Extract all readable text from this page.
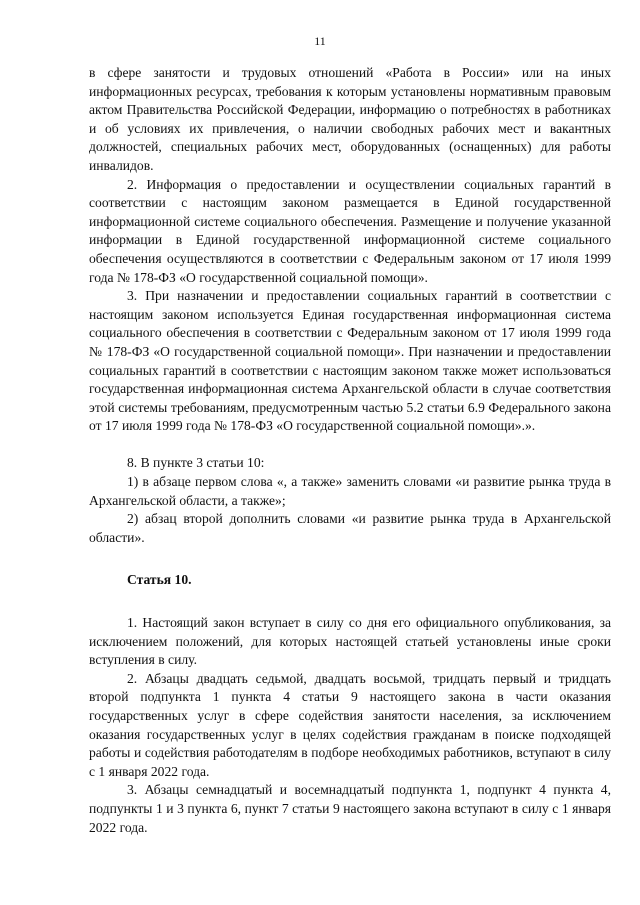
11

в сфере занятости и трудовых отношений «Работа в России» или на иных информационных ресурсах, требования к которым установлены нормативным правовым актом Правительства Российской Федерации, информацию о потребностях в работниках и об условиях их привлечения, о наличии свободных рабочих мест и вакантных должностей, специальных рабочих мест, оборудованных (оснащенных) для работы инвалидов.

2. Информация о предоставлении и осуществлении социальных гарантий в соответствии с настоящим законом размещается в Единой государственной информационной системе социального обеспечения. Размещение и получение указанной информации в Единой государственной информационной системе социального обеспечения осуществляются в соответствии с Федеральным законом от 17 июля 1999 года № 178-ФЗ «О государственной социальной помощи».

3. При назначении и предоставлении социальных гарантий в соответствии с настоящим законом используется Единая государственная информационная система социального обеспечения в соответствии с Федеральным законом от 17 июля 1999 года № 178-ФЗ «О государственной социальной помощи». При назначении и предоставлении социальных гарантий в соответствии с настоящим законом также может использоваться государственная информационная система Архангельской области в случае соответствия этой системы требованиям, предусмотренным частью 5.2 статьи 6.9 Федерального закона от 17 июля 1999 года № 178-ФЗ «О государственной социальной помощи».».

8. В пункте 3 статьи 10:

1) в абзаце первом слова «, а также» заменить словами «и развитие рынка труда в Архангельской области, а также»;

2) абзац второй дополнить словами «и развитие рынка труда в Архангельской области».

Статья 10.

1. Настоящий закон вступает в силу со дня его официального опубликования, за исключением положений, для которых настоящей статьей установлены иные сроки вступления в силу.

2. Абзацы двадцать седьмой, двадцать восьмой, тридцать первый и тридцать второй подпункта 1 пункта 4 статьи 9 настоящего закона в части оказания государственных услуг в сфере содействия занятости населения, за исключением оказания государственных услуг в целях содействия гражданам в поиске подходящей работы и содействия работодателям в подборе необходимых работников, вступают в силу с 1 января 2022 года.

3. Абзацы семнадцатый и восемнадцатый подпункта 1, подпункт 4 пункта 4, подпункты 1 и 3 пункта 6, пункт 7 статьи 9 настоящего закона вступают в силу с 1 января 2022 года.
